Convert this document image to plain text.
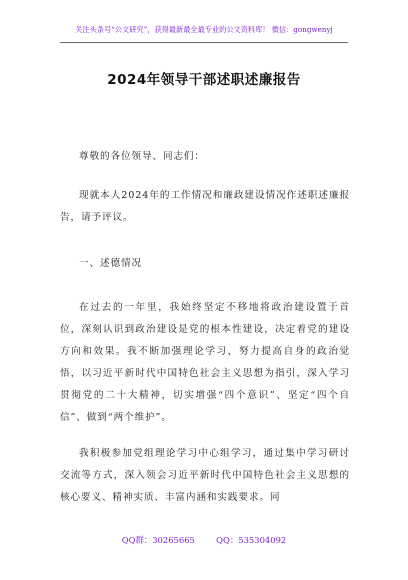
关注头条号“公文研究”，获得最新最全最专业的公文资料库！ 微信：gongwenyj
2024年领导干部述职述廉报告

尊敬的各位领导、同志们：

现就本人2024年的工作情况和廉政建设情况作述职述廉报告，请予评议。

一、述德情况

在过去的一年里，我始终坚定不移地将政治建设置于首位，深刻认识到政治建设是党的根本性建设，决定着党的建设方向和效果。我不断加强理论学习，努力提高自身的政治觉悟，以习近平新时代中国特色社会主义思想为指引，深入学习贯彻党的二十大精神，切实增强“四个意识”、坚定“四个自信”、做到“两个维护”。

我积极参加党组理论学习中心组学习，通过集中学习研讨交流等方式，深入领会习近平新时代中国特色社会主义思想的核心要义、精神实质、丰富内涵和实践要求。同

QQ群：30265665        QQ：535304092
